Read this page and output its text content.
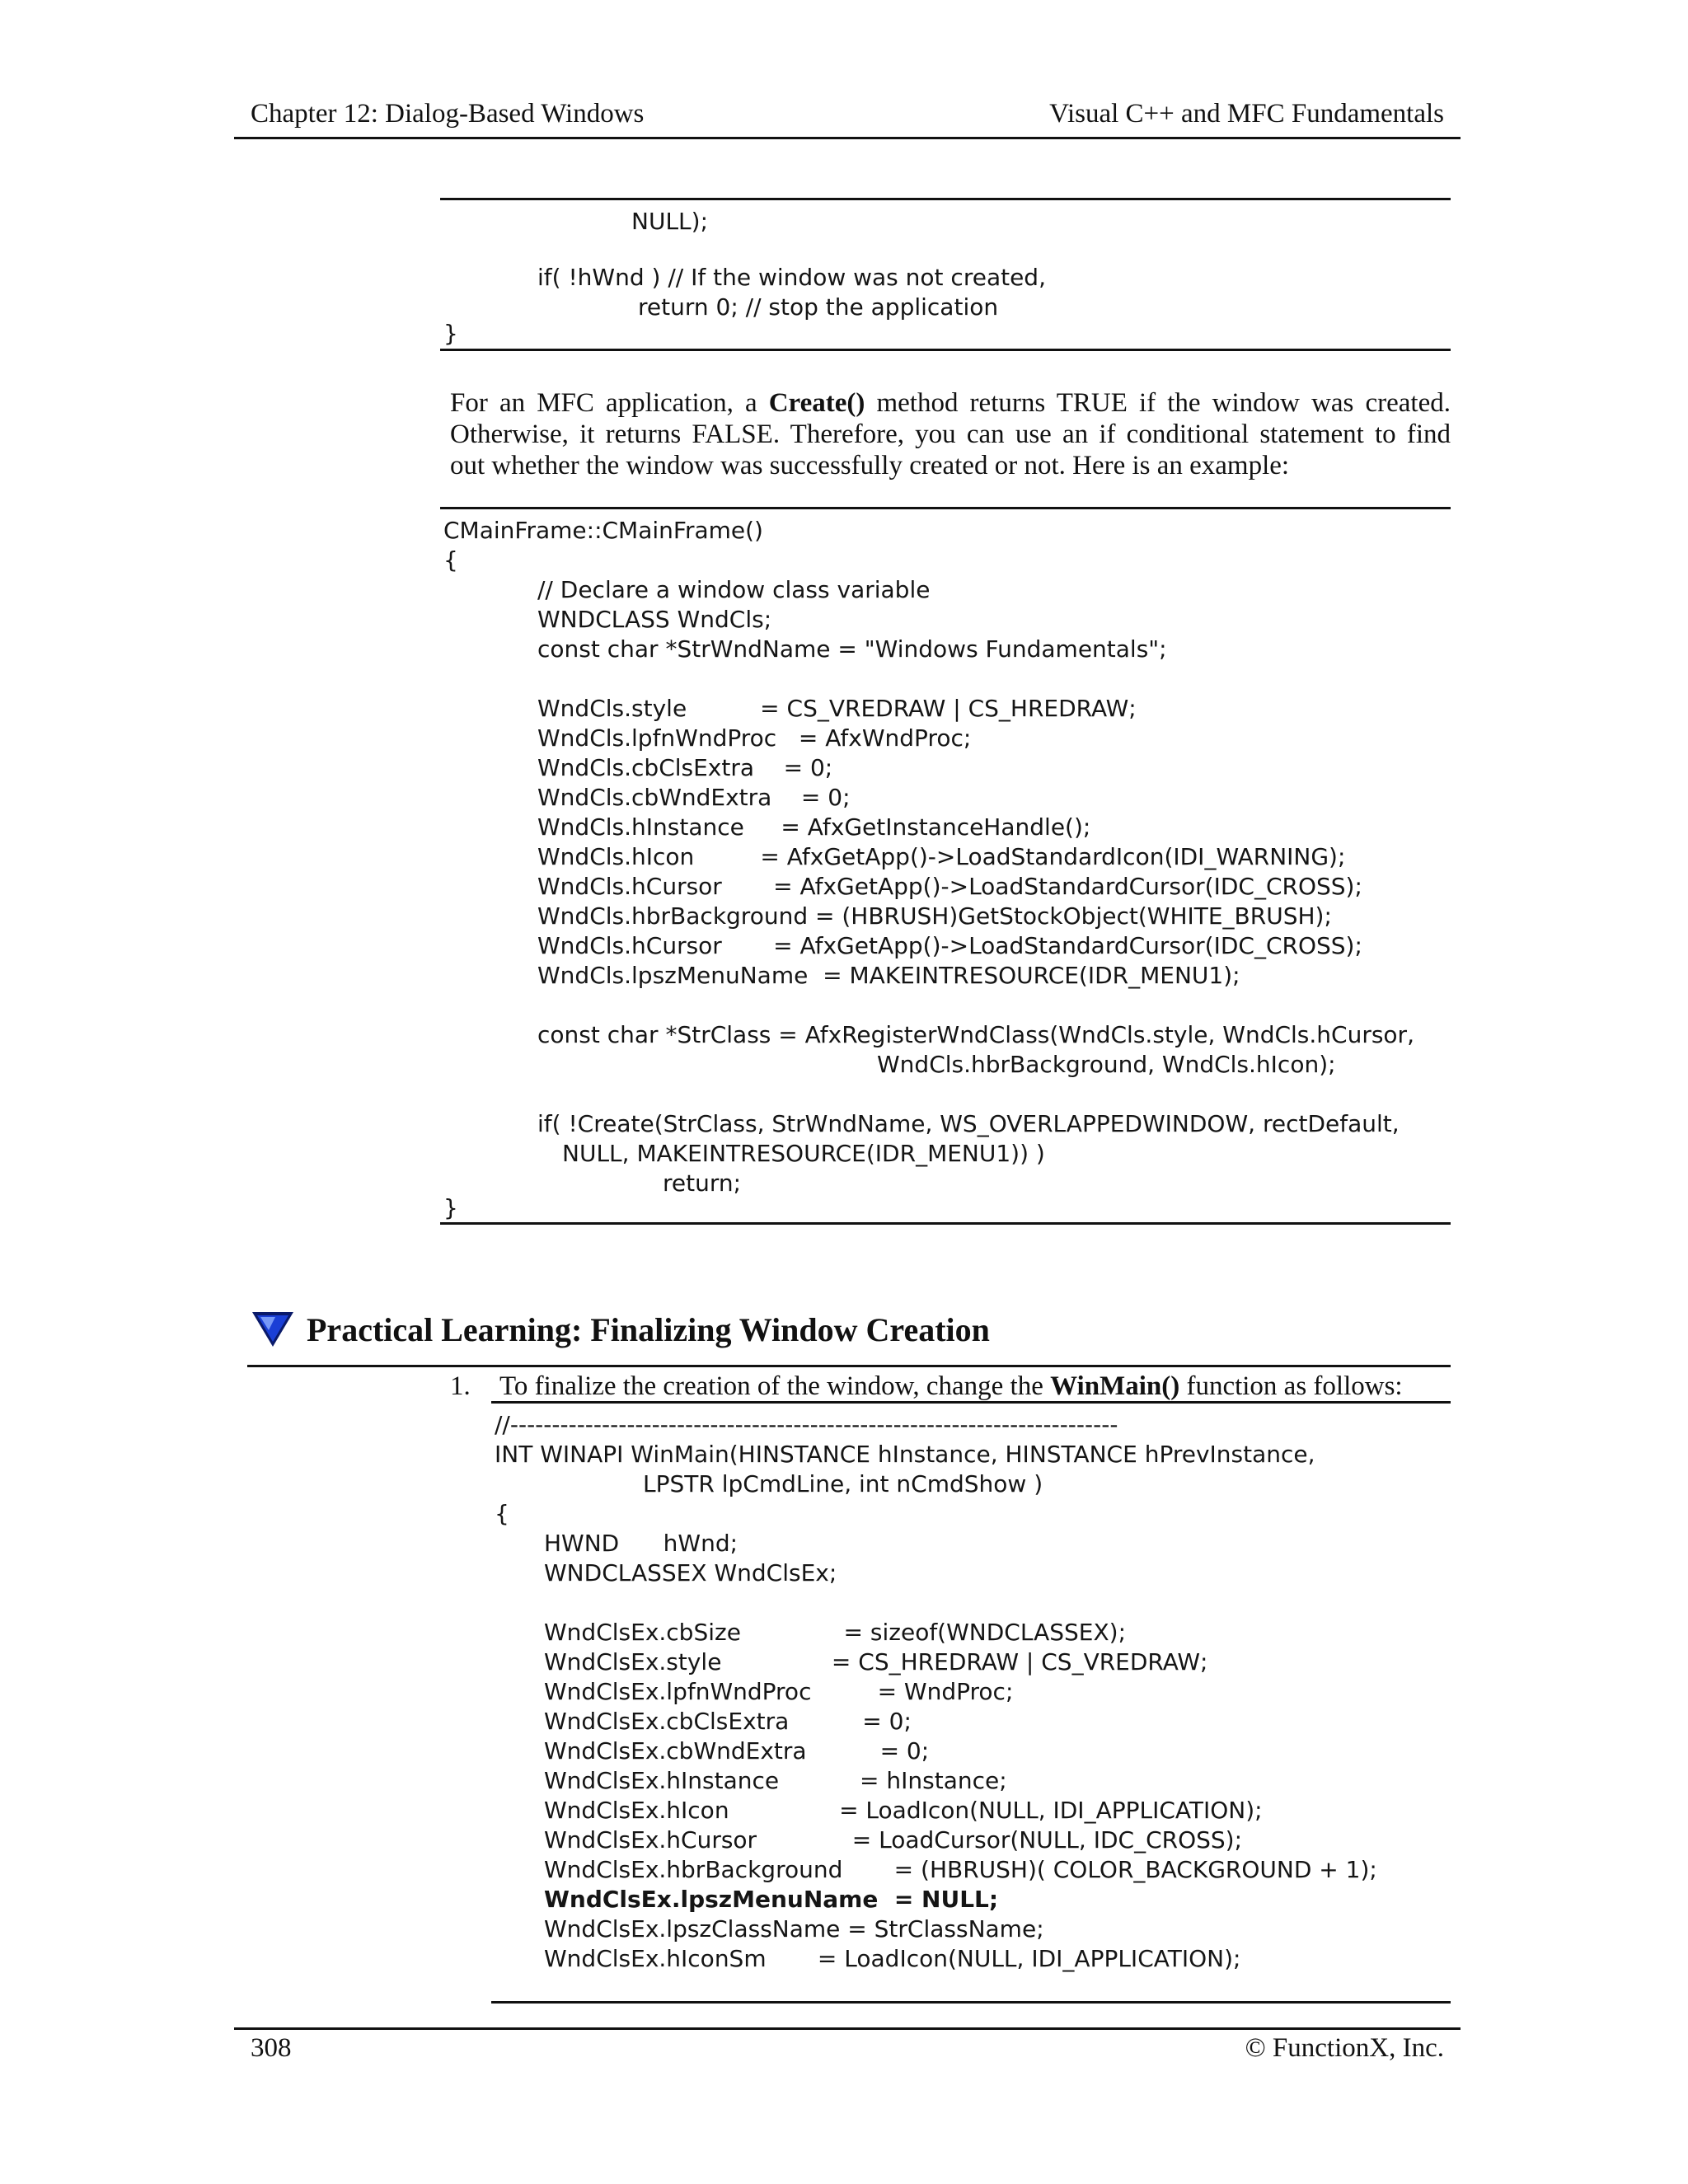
Chapter 12: Dialog-Based Windows	Visual C++ and MFC Fundamentals
NULL);
if( !hWnd ) // If the window was not created,
return 0; // stop the application
}
For an MFC application, a Create() method returns TRUE if the window was created.
Otherwise, it returns FALSE. Therefore, you can use an if conditional statement to find
out whether the window was successfully created or not. Here is an example:
CMainFrame::CMainFrame()
{
// Declare a window class variable
WNDCLASS WndCls;
const char *StrWndName = "Windows Fundamentals";
WndCls.style          = CS_VREDRAW | CS_HREDRAW;
WndCls.lpfnWndProc   = AfxWndProc;
WndCls.cbClsExtra    = 0;
WndCls.cbWndExtra    = 0;
WndCls.hInstance     = AfxGetInstanceHandle();
WndCls.hIcon         = AfxGetApp()->LoadStandardIcon(IDI_WARNING);
WndCls.hCursor       = AfxGetApp()->LoadStandardCursor(IDC_CROSS);
WndCls.hbrBackground = (HBRUSH)GetStockObject(WHITE_BRUSH);
WndCls.hCursor       = AfxGetApp()->LoadStandardCursor(IDC_CROSS);
WndCls.lpszMenuName  = MAKEINTRESOURCE(IDR_MENU1);
const char *StrClass = AfxRegisterWndClass(WndCls.style, WndCls.hCursor,
WndCls.hbrBackground, WndCls.hIcon);
if( !Create(StrClass, StrWndName, WS_OVERLAPPEDWINDOW, rectDefault,
NULL, MAKEINTRESOURCE(IDR_MENU1)) )
return;
}
Practical Learning: Finalizing Window Creation
1. To finalize the creation of the window, change the WinMain() function as follows:
//-------------------------------------------------------------------------
INT WINAPI WinMain(HINSTANCE hInstance, HINSTANCE hPrevInstance,
LPSTR lpCmdLine, int nCmdShow )
{
HWND      hWnd;
WNDCLASSEX WndClsEx;
WndClsEx.cbSize              = sizeof(WNDCLASSEX);
WndClsEx.style               = CS_HREDRAW | CS_VREDRAW;
WndClsEx.lpfnWndProc         = WndProc;
WndClsEx.cbClsExtra          = 0;
WndClsEx.cbWndExtra          = 0;
WndClsEx.hInstance           = hInstance;
WndClsEx.hIcon               = LoadIcon(NULL, IDI_APPLICATION);
WndClsEx.hCursor             = LoadCursor(NULL, IDC_CROSS);
WndClsEx.hbrBackground       = (HBRUSH)( COLOR_BACKGROUND + 1);
WndClsEx.lpszMenuName  = NULL;
WndClsEx.lpszClassName = StrClassName;
WndClsEx.hIconSm       = LoadIcon(NULL, IDI_APPLICATION);
308	© FunctionX, Inc.
